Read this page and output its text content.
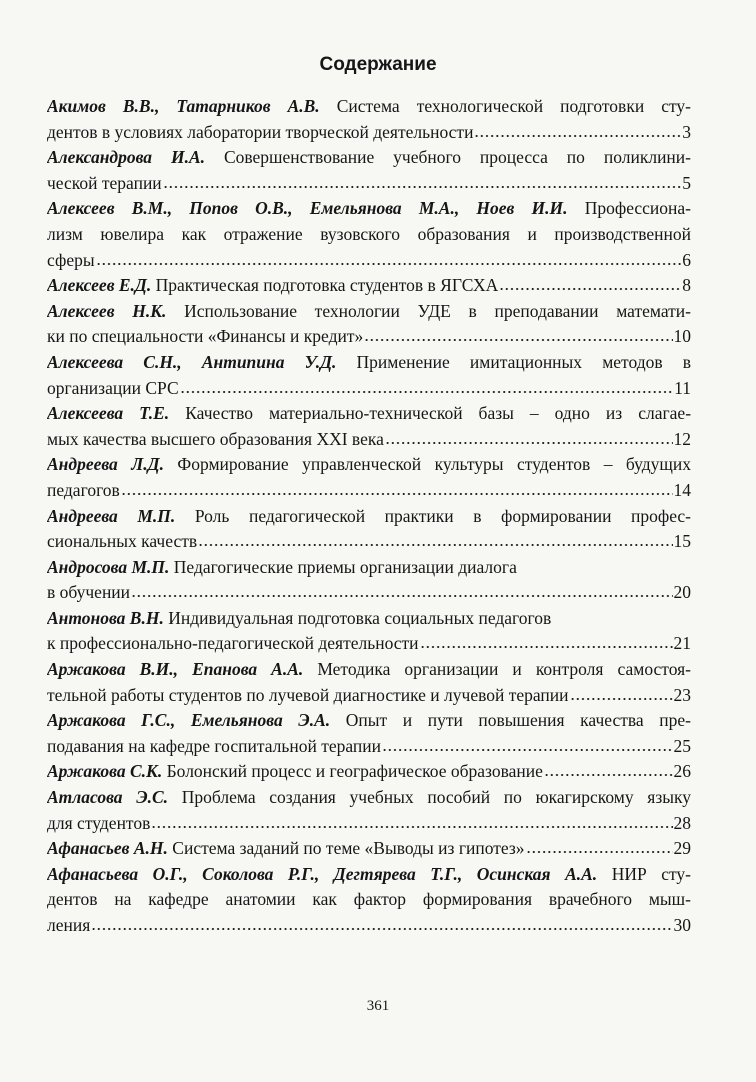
Содержание
Акимов В.В., Татарников А.В. Система технологической подготовки сту-
дентов в условиях лаборатории творческой деятельности	3
Александрова И.А. Совершенствование учебного процесса по поликлини-
ческой терапии	5
Алексеев В.М., Попов О.В., Емельянова М.А., Ноев И.И. Профессиона-
лизм ювелира как отражение вузовского образования и производственной
сферы	6
Алексеев Е.Д. Практическая подготовка студентов в ЯГСХА	8
Алексеев Н.К. Использование технологии УДЕ в преподавании математи-
ки по специальности «Финансы и кредит»	10
Алексеева С.Н., Антипина У.Д. Применение имитационных методов в
организации СРС	11
Алексеева Т.Е. Качество материально-технической базы – одно из слагае-
мых качества высшего образования XXI века	12
Андреева Л.Д. Формирование управленческой культуры студентов – будущих
педагогов	14
Андреева М.П. Роль педагогической практики в формировании профес-
сиональных качеств	15
Андросова М.П. Педагогические приемы организации диалога
в обучении	20
Антонова В.Н. Индивидуальная подготовка социальных педагогов
к профессионально-педагогической деятельности	21
Аржакова В.И., Епанова А.А. Методика организации и контроля самостоя-
тельной работы студентов по лучевой диагностике и лучевой терапии	23
Аржакова Г.С., Емельянова Э.А. Опыт и пути повышения качества пре-
подавания на кафедре госпитальной терапии	25
Аржакова С.К. Болонский процесс и географическое образование	26
Атласова Э.С. Проблема создания учебных пособий по юкагирскому языку
для студентов	28
Афанасьев А.Н. Система заданий по теме «Выводы из гипотез»	29
Афанасьева О.Г., Соколова Р.Г., Дегтярева Т.Г., Осинская А.А. НИР сту-
дентов на кафедре анатомии как фактор формирования врачебного мыш-
ления	30
361
